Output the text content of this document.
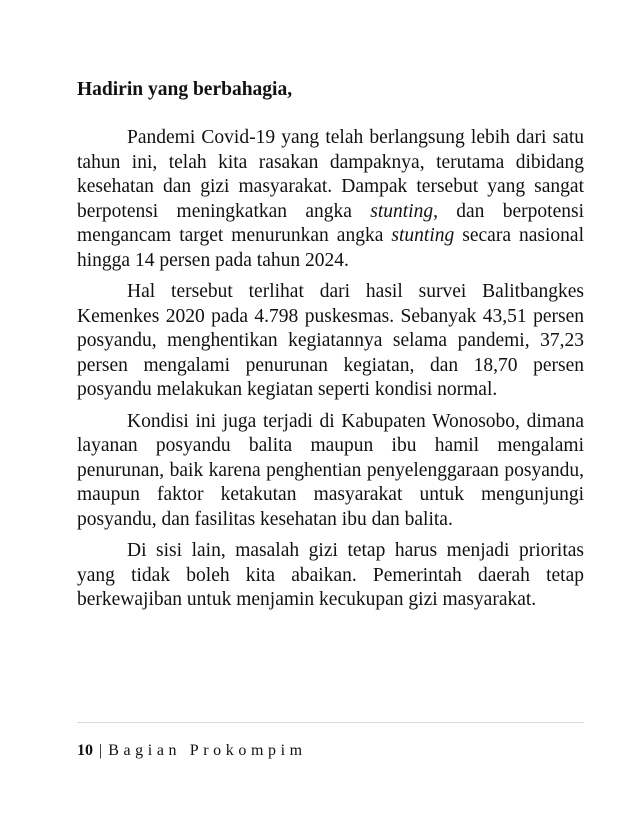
Hadirin yang berbahagia,

Pandemi Covid-19 yang telah berlangsung lebih dari satu tahun ini, telah kita rasakan dampaknya, terutama dibidang kesehatan dan gizi masyarakat. Dampak tersebut yang sangat berpotensi meningkatkan angka stunting, dan berpotensi mengancam target menurunkan angka stunting secara nasional hingga 14 persen pada tahun 2024.

Hal tersebut terlihat dari hasil survei Balitbangkes Kemenkes 2020 pada 4.798 puskesmas. Sebanyak 43,51 persen posyandu, menghentikan kegiatannya selama pandemi, 37,23 persen mengalami penurunan kegiatan, dan 18,70 persen posyandu melakukan kegiatan seperti kondisi normal.

Kondisi ini juga terjadi di Kabupaten Wonosobo, dimana layanan posyandu balita maupun ibu hamil mengalami penurunan, baik karena penghentian penyelenggaraan posyandu, maupun faktor ketakutan masyarakat untuk mengunjungi posyandu, dan fasilitas kesehatan ibu dan balita.

Di sisi lain, masalah gizi tetap harus menjadi prioritas yang tidak boleh kita abaikan. Pemerintah daerah tetap berkewajiban untuk menjamin kecukupan gizi masyarakat.

10 | Bagian Prokompim
